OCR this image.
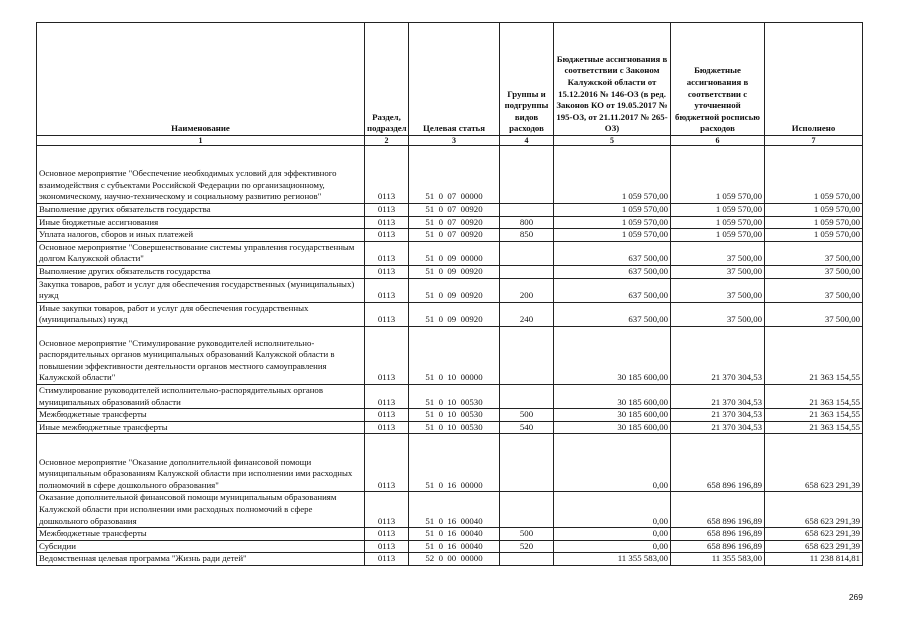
Наименование	Раздел, подраздел	Целевая статья	Группы и подгруппы видов расходов	Бюджетные ассигнования в соответствии с Законом Калужской области от 15.12.2016 № 146-ОЗ (в ред. Законов КО от 19.05.2017 № 195-ОЗ, от 21.11.2017 № 265-ОЗ)	Бюджетные ассигнования в соответствии с уточненной бюджетной росписью расходов	Исполнено
1	2	3	4	5	6	7
Основное мероприятие "Обеспечение необходимых условий для эффективного взаимодействия с субъектами Российской Федерации по организационному, экономическому, научно-техническому и социальному развитию регионов"	0113	51  0  07  00000		1 059 570,00	1 059 570,00	1 059 570,00
Выполнение других обязательств государства	0113	51  0  07  00920		1 059 570,00	1 059 570,00	1 059 570,00
Иные бюджетные ассигнования	0113	51  0  07  00920	800	1 059 570,00	1 059 570,00	1 059 570,00
Уплата налогов, сборов и иных платежей	0113	51  0  07  00920	850	1 059 570,00	1 059 570,00	1 059 570,00
Основное мероприятие "Совершенствование системы управления государственным долгом Калужской области"	0113	51  0  09  00000		637 500,00	37 500,00	37 500,00
Выполнение других обязательств государства	0113	51  0  09  00920		637 500,00	37 500,00	37 500,00
Закупка товаров, работ и услуг для обеспечения государственных (муниципальных) нужд	0113	51  0  09  00920	200	637 500,00	37 500,00	37 500,00
Иные закупки товаров, работ и услуг для обеспечения государственных (муниципальных) нужд	0113	51  0  09  00920	240	637 500,00	37 500,00	37 500,00
Основное мероприятие "Стимулирование руководителей исполнительно-распорядительных органов муниципальных образований Калужской области в повышении эффективности деятельности органов местного самоуправления Калужской области"	0113	51  0  10  00000		30 185 600,00	21 370 304,53	21 363 154,55
Стимулирование руководителей исполнительно-распорядительных органов муниципальных образований области	0113	51  0  10  00530		30 185 600,00	21 370 304,53	21 363 154,55
Межбюджетные трансферты	0113	51  0  10  00530	500	30 185 600,00	21 370 304,53	21 363 154,55
Иные межбюджетные трансферты	0113	51  0  10  00530	540	30 185 600,00	21 370 304,53	21 363 154,55
Основное мероприятие "Оказание дополнительной финансовой помощи муниципальным образованиям Калужской области при исполнении ими расходных полномочий в сфере дошкольного образования"	0113	51  0  16  00000		0,00	658 896 196,89	658 623 291,39
Оказание дополнительной финансовой помощи муниципальным образованиям Калужской области при исполнении ими расходных полномочий в сфере дошкольного образования	0113	51  0  16  00040		0,00	658 896 196,89	658 623 291,39
Межбюджетные трансферты	0113	51  0  16  00040	500	0,00	658 896 196,89	658 623 291,39
Субсидии	0113	51  0  16  00040	520	0,00	658 896 196,89	658 623 291,39
Ведомственная целевая программа "Жизнь ради детей"	0113	52  0  00  00000		11 355 583,00	11 355 583,00	11 238 814,81
269
